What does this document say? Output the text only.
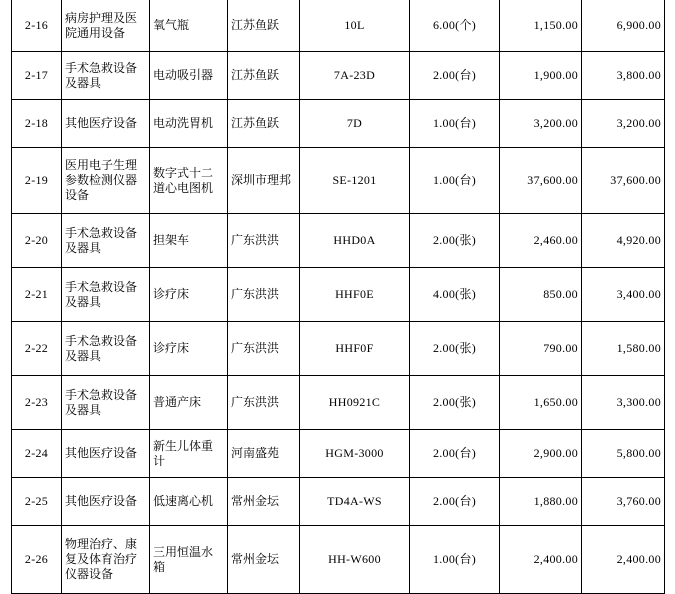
2-16	病房护理及医院通用设备	氧气瓶	江苏鱼跃	10L	6.00(个)	1,150.00	6,900.00
2-17	手术急救设备及器具	电动吸引器	江苏鱼跃	7A-23D	2.00(台)	1,900.00	3,800.00
2-18	其他医疗设备	电动洗胃机	江苏鱼跃	7D	1.00(台)	3,200.00	3,200.00
2-19	医用电子生理参数检测仪器设备	数字式十二道心电图机	深圳市理邦	SE-1201	1.00(台)	37,600.00	37,600.00
2-20	手术急救设备及器具	担架车	广东洪洪	HHD0A	2.00(张)	2,460.00	4,920.00
2-21	手术急救设备及器具	诊疗床	广东洪洪	HHF0E	4.00(张)	850.00	3,400.00
2-22	手术急救设备及器具	诊疗床	广东洪洪	HHF0F	2.00(张)	790.00	1,580.00
2-23	手术急救设备及器具	普通产床	广东洪洪	HH0921C	2.00(张)	1,650.00	3,300.00
2-24	其他医疗设备	新生儿体重计	河南盛苑	HGM-3000	2.00(台)	2,900.00	5,800.00
2-25	其他医疗设备	低速离心机	常州金坛	TD4A-WS	2.00(台)	1,880.00	3,760.00
2-26	物理治疗、康复及体育治疗仪器设备	三用恒温水箱	常州金坛	HH-W600	1.00(台)	2,400.00	2,400.00
